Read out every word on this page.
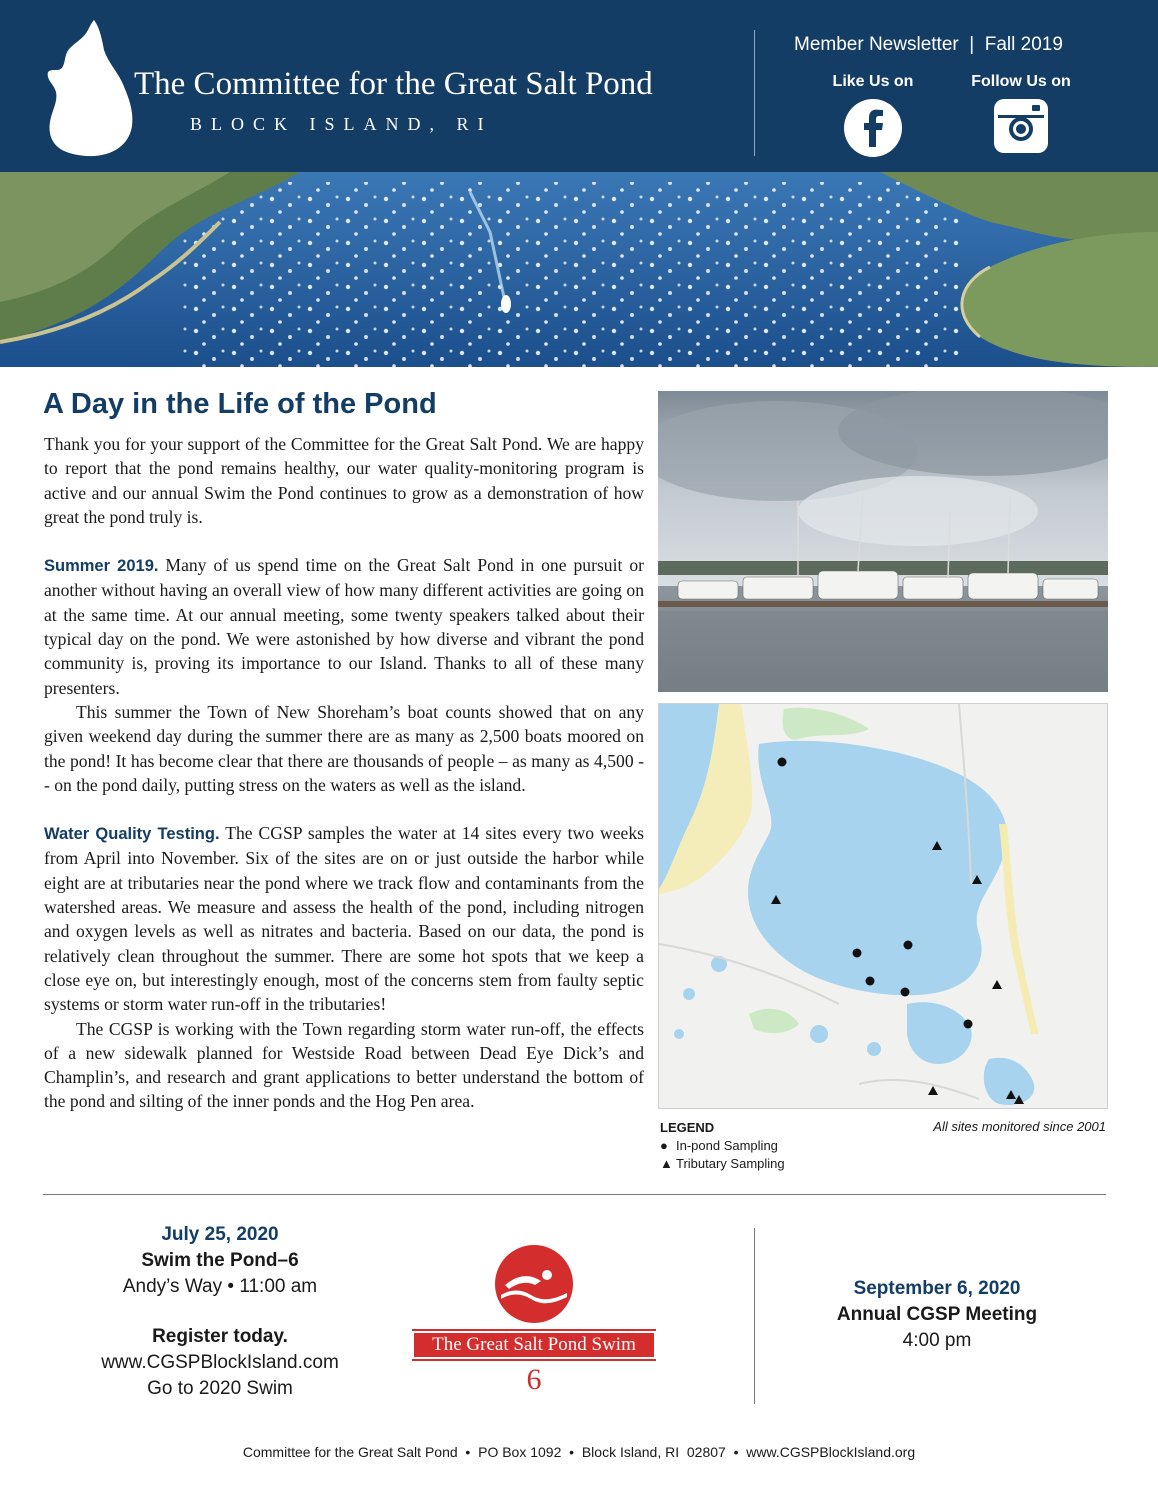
The Committee for the Great Salt Pond
BLOCK ISLAND, RI
Member Newsletter  |  Fall 2019
Like Us on	Follow Us on
A Day in the Life of the Pond

Thank you for your support of the Committee for the Great Salt Pond. We are happy to report that the pond remains healthy, our water quality-monitoring program is active and our annual Swim the Pond continues to grow as a demonstration of how great the pond truly is.

Summer 2019. Many of us spend time on the Great Salt Pond in one pursuit or another without having an overall view of how many different activities are going on at the same time. At our annual meeting, some twenty speakers talked about their typical day on the pond. We were astonished by how diverse and vibrant the pond community is, proving its importance to our Island. Thanks to all of these many presenters.

This summer the Town of New Shoreham’s boat counts showed that on any given weekend day during the summer there are as many as 2,500 boats moored on the pond! It has become clear that there are thousands of people – as many as 4,500 -- on the pond daily, putting stress on the waters as well as the island.

Water Quality Testing. The CGSP samples the water at 14 sites every two weeks from April into November. Six of the sites are on or just outside the harbor while eight are at tributaries near the pond where we track flow and contaminants from the watershed areas. We measure and assess the health of the pond, including nitrogen and oxygen levels as well as nitrates and bacteria. Based on our data, the pond is relatively clean throughout the summer. There are some hot spots that we keep a close eye on, but interestingly enough, most of the concerns stem from faulty septic systems or storm water run-off in the tributaries!

The CGSP is working with the Town regarding storm water run-off, the effects of a new sidewalk planned for Westside Road between Dead Eye Dick’s and Champlin’s, and research and grant applications to better understand the bottom of the pond and silting of the inner ponds and the Hog Pen area.

LEGEND
● In-pond Sampling
▲ Tributary Sampling
All sites monitored since 2001
July 25, 2020
Swim the Pond–6
Andy’s Way • 11:00 am
Register today.
www.CGSPBlockIsland.com
Go to 2020 Swim
The Great Salt Pond Swim
6
September 6, 2020
Annual CGSP Meeting
4:00 pm
Committee for the Great Salt Pond  •  PO Box 1092  •  Block Island, RI  02807  •  www.CGSPBlockIsland.org
